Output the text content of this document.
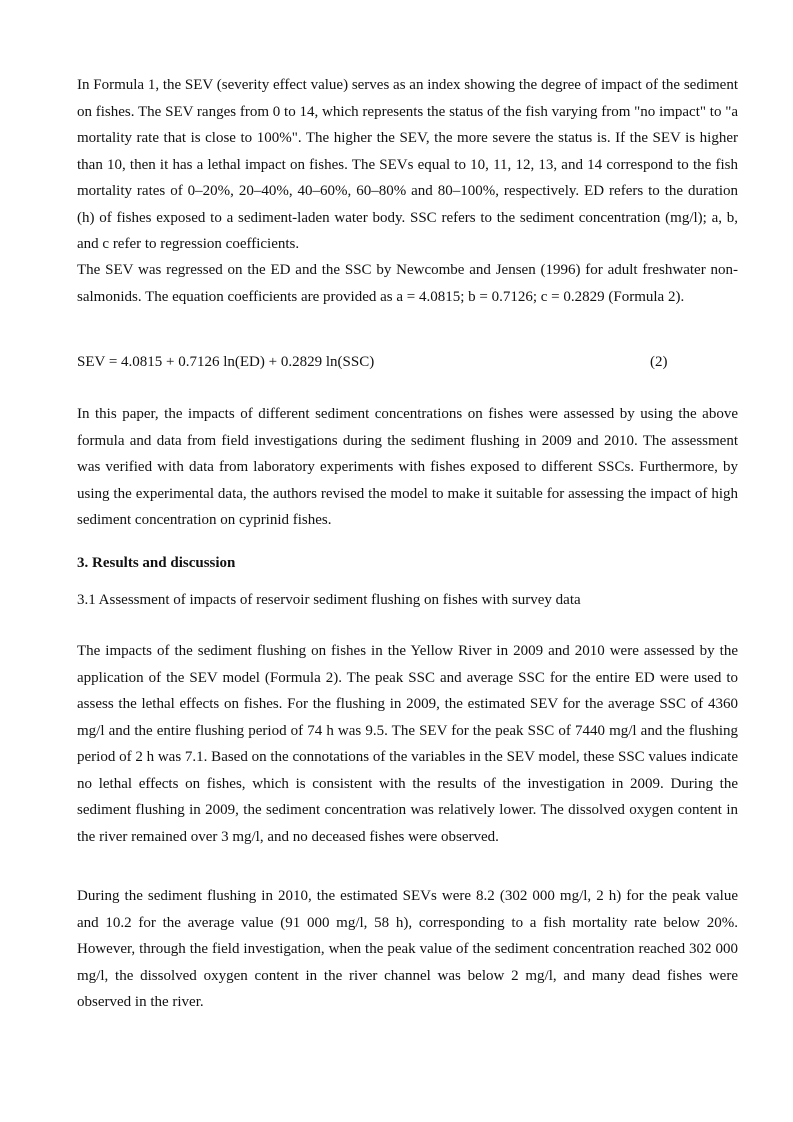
In Formula 1, the SEV (severity effect value) serves as an index showing the degree of impact of the sediment on fishes. The SEV ranges from 0 to 14, which represents the status of the fish varying from "no impact" to "a mortality rate that is close to 100%". The higher the SEV, the more severe the status is. If the SEV is higher than 10, then it has a lethal impact on fishes. The SEVs equal to 10, 11, 12, 13, and 14 correspond to the fish mortality rates of 0–20%, 20–40%, 40–60%, 60–80% and 80–100%, respectively. ED refers to the duration (h) of fishes exposed to a sediment-laden water body. SSC refers to the sediment concentration (mg/l); a, b, and c refer to regression coefficients.

The SEV was regressed on the ED and the SSC by Newcombe and Jensen (1996) for adult freshwater non-salmonids. The equation coefficients are provided as a = 4.0815; b = 0.7126; c = 0.2829 (Formula 2).

SEV = 4.0815 + 0.7126 ln(ED) + 0.2829 ln(SSC)	(2)

In this paper, the impacts of different sediment concentrations on fishes were assessed by using the above formula and data from field investigations during the sediment flushing in 2009 and 2010. The assessment was verified with data from laboratory experiments with fishes exposed to different SSCs. Furthermore, by using the experimental data, the authors revised the model to make it suitable for assessing the impact of high sediment concentration on cyprinid fishes.

3. Results and discussion

3.1 Assessment of impacts of reservoir sediment flushing on fishes with survey data

The impacts of the sediment flushing on fishes in the Yellow River in 2009 and 2010 were assessed by the application of the SEV model (Formula 2). The peak SSC and average SSC for the entire ED were used to assess the lethal effects on fishes. For the flushing in 2009, the estimated SEV for the average SSC of 4360 mg/l and the entire flushing period of 74 h was 9.5. The SEV for the peak SSC of 7440 mg/l and the flushing period of 2 h was 7.1. Based on the connotations of the variables in the SEV model, these SSC values indicate no lethal effects on fishes, which is consistent with the results of the investigation in 2009. During the sediment flushing in 2009, the sediment concentration was relatively lower. The dissolved oxygen content in the river remained over 3 mg/l, and no deceased fishes were observed.

During the sediment flushing in 2010, the estimated SEVs were 8.2 (302 000 mg/l, 2 h) for the peak value and 10.2 for the average value (91 000 mg/l, 58 h), corresponding to a fish mortality rate below 20%. However, through the field investigation, when the peak value of the sediment concentration reached 302 000 mg/l, the dissolved oxygen content in the river channel was below 2 mg/l, and many dead fishes were observed in the river.
